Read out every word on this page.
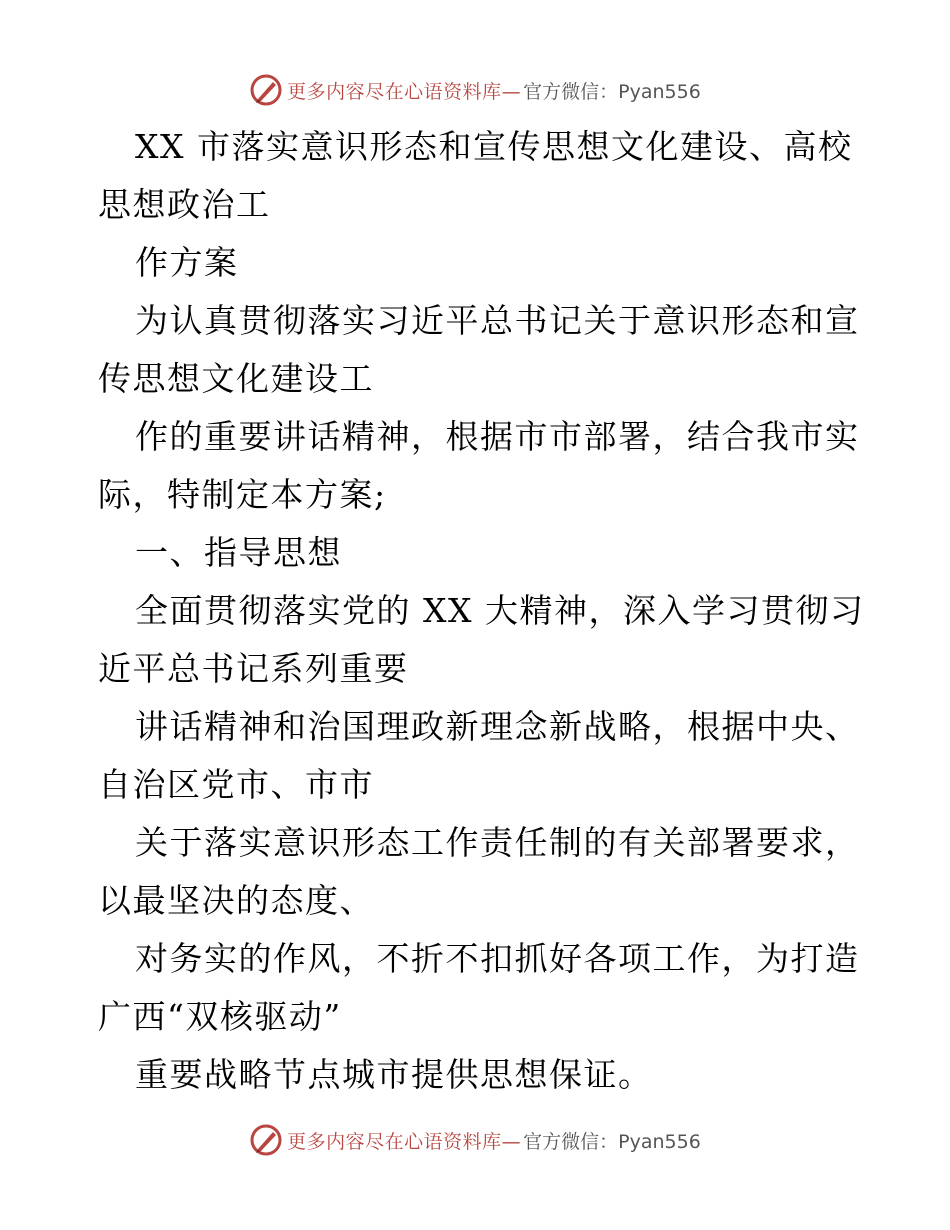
更多内容尽在心语资料库— 官方微信：Pyan556
XX 市落实意识形态和宣传思想文化建设、高校
思想政治工
作方案
为认真贯彻落实习近平总书记关于意识形态和宣
传思想文化建设工
作的重要讲话精神，根据市市部署，结合我市实
际，特制定本方案;
一、指导思想
全面贯彻落实党的 XX 大精神，深入学习贯彻习
近平总书记系列重要
讲话精神和治国理政新理念新战略，根据中央、
自治区党市、市市
关于落实意识形态工作责任制的有关部署要求，
以最坚决的态度、
对务实的作风，不折不扣抓好各项工作，为打造
广西“双核驱动”
重要战略节点城市提供思想保证。
更多内容尽在心语资料库— 官方微信：Pyan556
